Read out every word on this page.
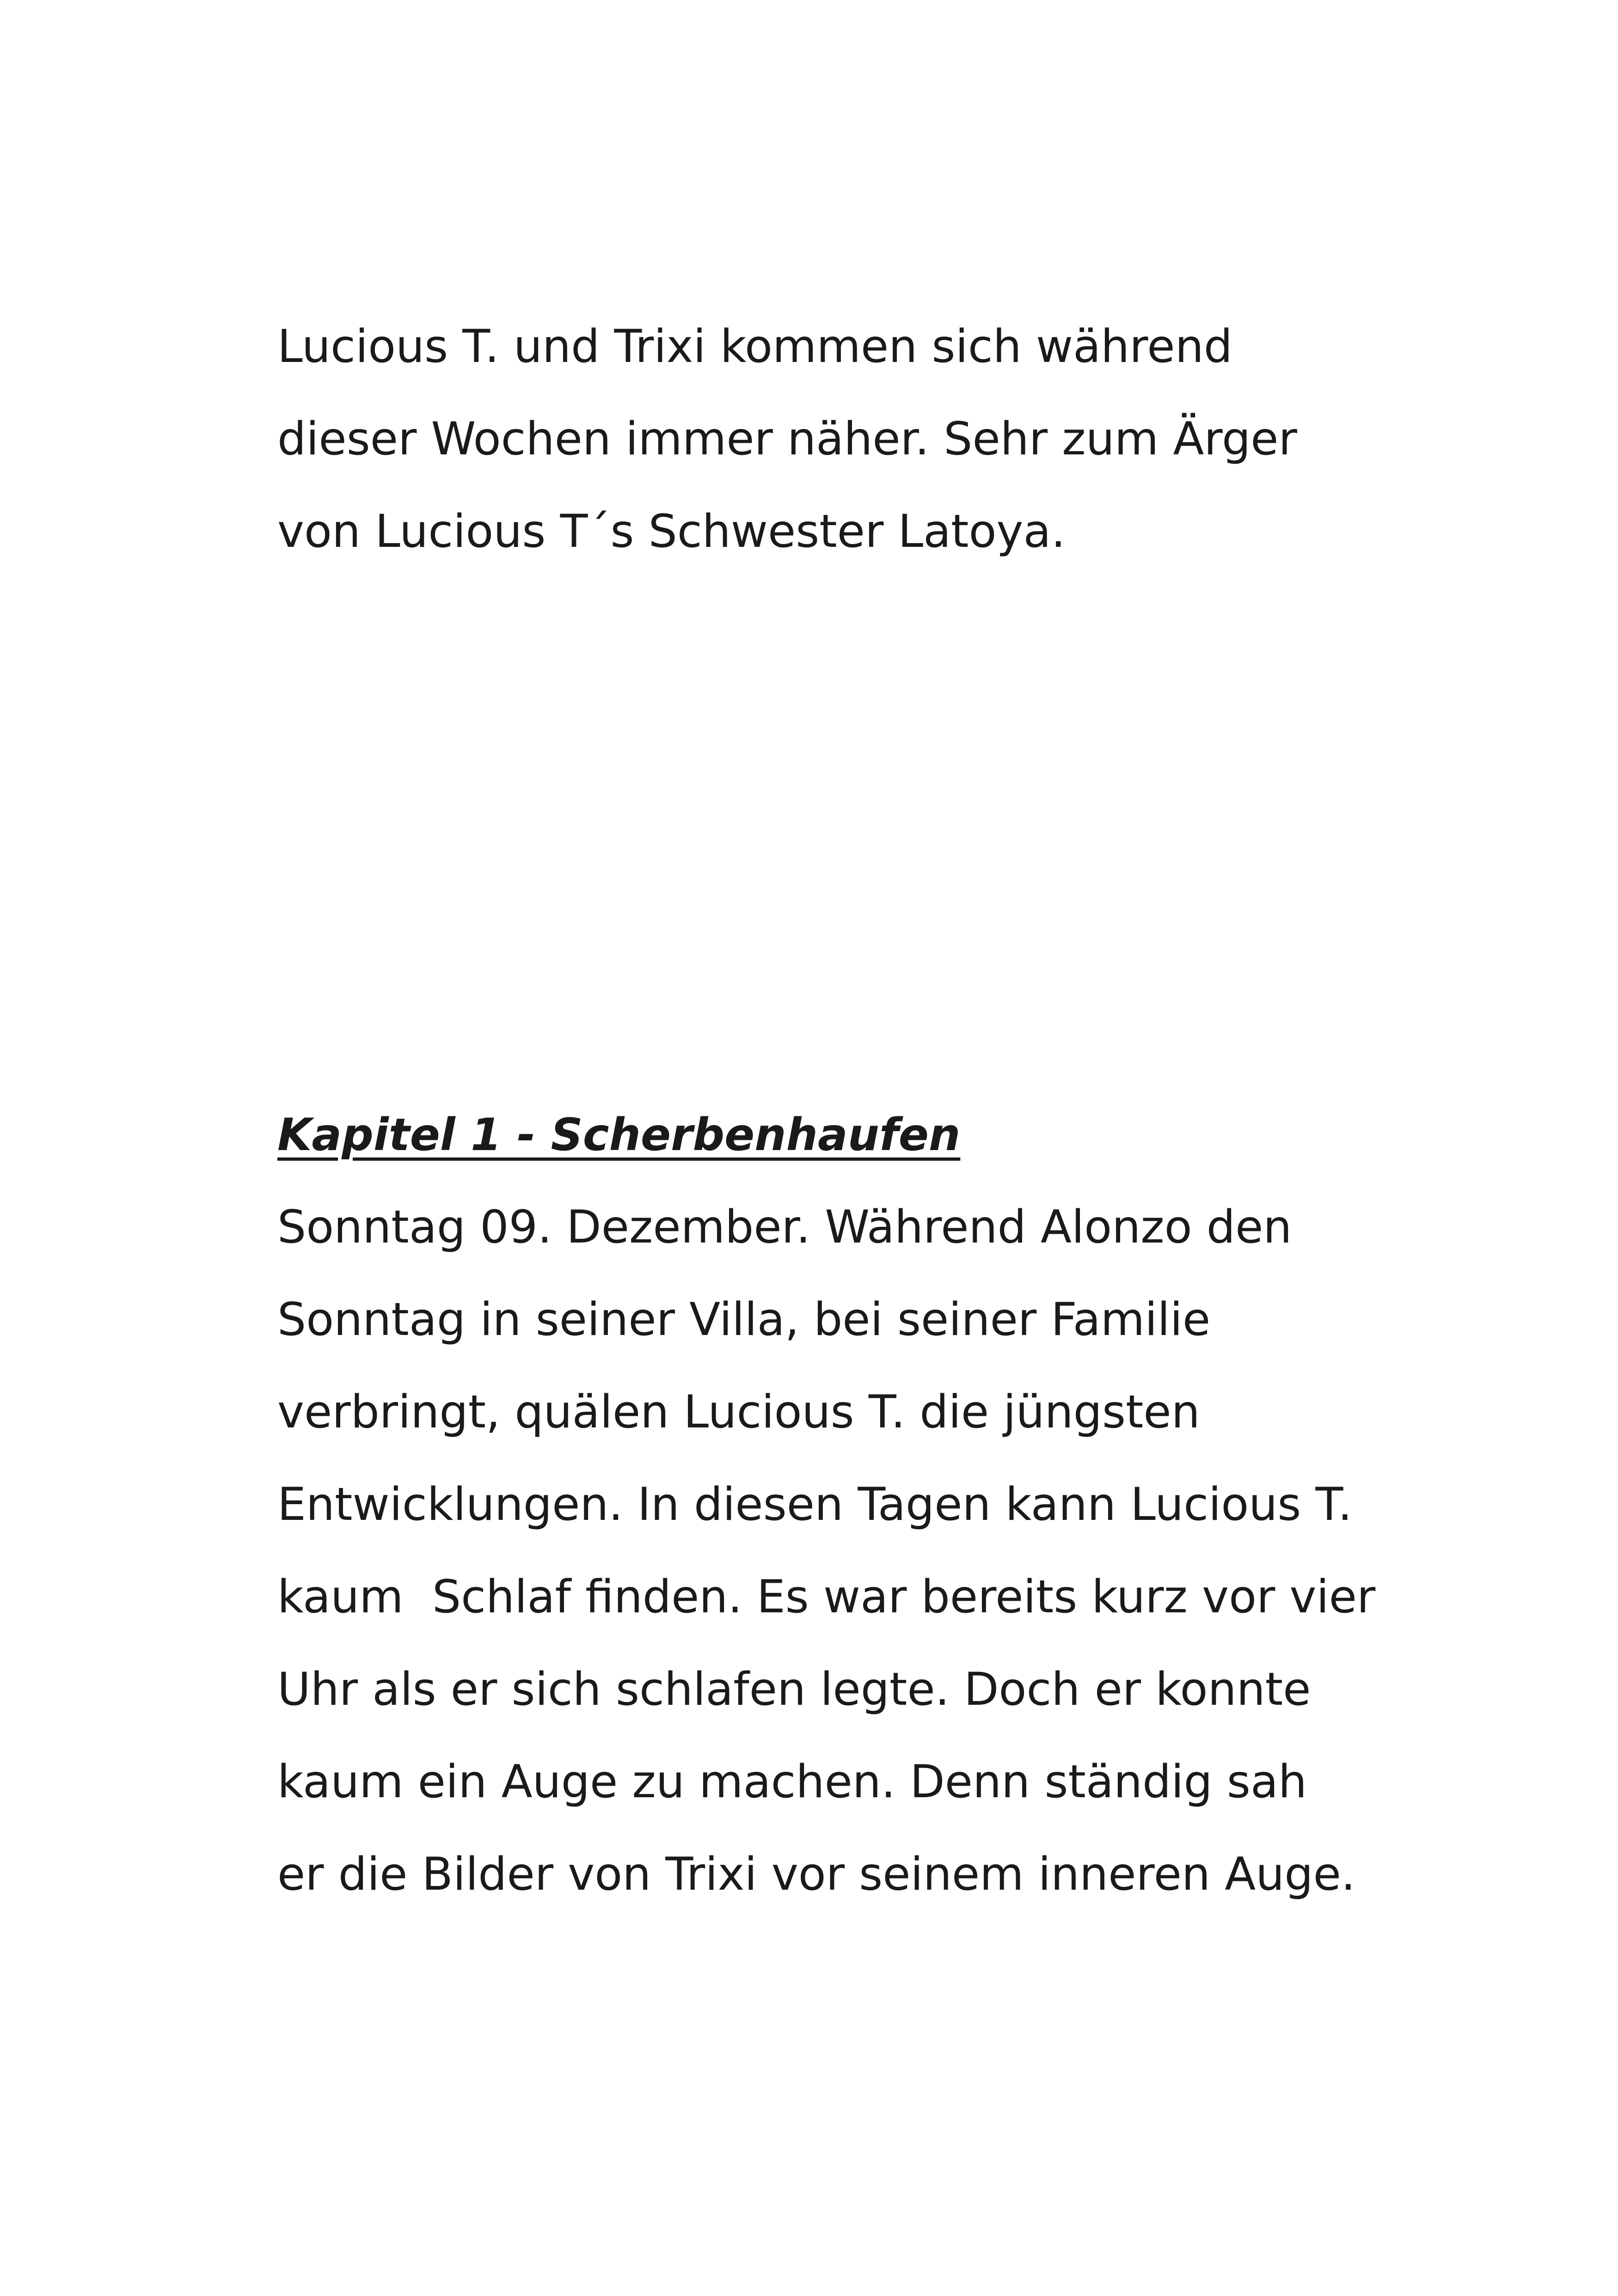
Lucious T. und Trixi kommen sich während
dieser Wochen immer näher. Sehr zum Ärger
von Lucious T´s Schwester Latoya.
Kapitel 1 - Scherbenhaufen
Sonntag 09. Dezember. Während Alonzo den
Sonntag in seiner Villa, bei seiner Familie
verbringt, quälen Lucious T. die jüngsten
Entwicklungen. In diesen Tagen kann Lucious T.
kaum  Schlaf finden. Es war bereits kurz vor vier
Uhr als er sich schlafen legte. Doch er konnte
kaum ein Auge zu machen. Denn ständig sah
er die Bilder von Trixi vor seinem inneren Auge.
